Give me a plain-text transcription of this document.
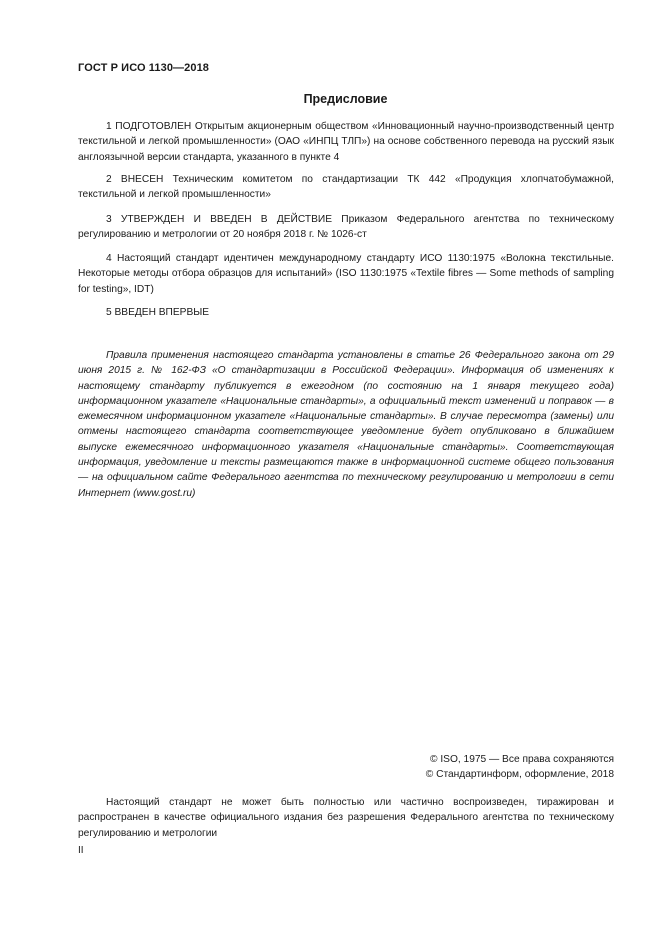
ГОСТ Р ИСО 1130—2018
Предисловие

1 ПОДГОТОВЛЕН Открытым акционерным обществом «Инновационный научно-производственный центр текстильной и легкой промышленности» (ОАО «ИНПЦ ТЛП») на основе собственного перевода на русский язык англоязычной версии стандарта, указанного в пункте 4

2 ВНЕСЕН Техническим комитетом по стандартизации ТК 442 «Продукция хлопчатобумажной, текстильной и легкой промышленности»

3 УТВЕРЖДЕН И ВВЕДЕН В ДЕЙСТВИЕ Приказом Федерального агентства по техническому регулированию и метрологии от 20 ноября 2018 г. № 1026-ст

4 Настоящий стандарт идентичен международному стандарту ИСО 1130:1975 «Волокна текстильные. Некоторые методы отбора образцов для испытаний» (ISO 1130:1975 «Textile fibres — Some methods of sampling for testing», IDT)

5 ВВЕДЕН ВПЕРВЫЕ

Правила применения настоящего стандарта установлены в статье 26 Федерального закона от 29 июня 2015 г. № 162-ФЗ «О стандартизации в Российской Федерации». Информация об изменениях к настоящему стандарту публикуется в ежегодном (по состоянию на 1 января текущего года) информационном указателе «Национальные стандарты», а официальный текст изменений и поправок — в ежемесячном информационном указателе «Национальные стандарты». В случае пересмотра (замены) или отмены настоящего стандарта соответствующее уведомление будет опубликовано в ближайшем выпуске ежемесячного информационного указателя «Национальные стандарты». Соответствующая информация, уведомление и тексты размещаются также в информационной системе общего пользования — на официальном сайте Федерального агентства по техническому регулированию и метрологии в сети Интернет (www.gost.ru)

© ISO, 1975 — Все права сохраняются
© Стандартинформ, оформление, 2018

Настоящий стандарт не может быть полностью или частично воспроизведен, тиражирован и распространен в качестве официального издания без разрешения Федерального агентства по техническому регулированию и метрологии

II
